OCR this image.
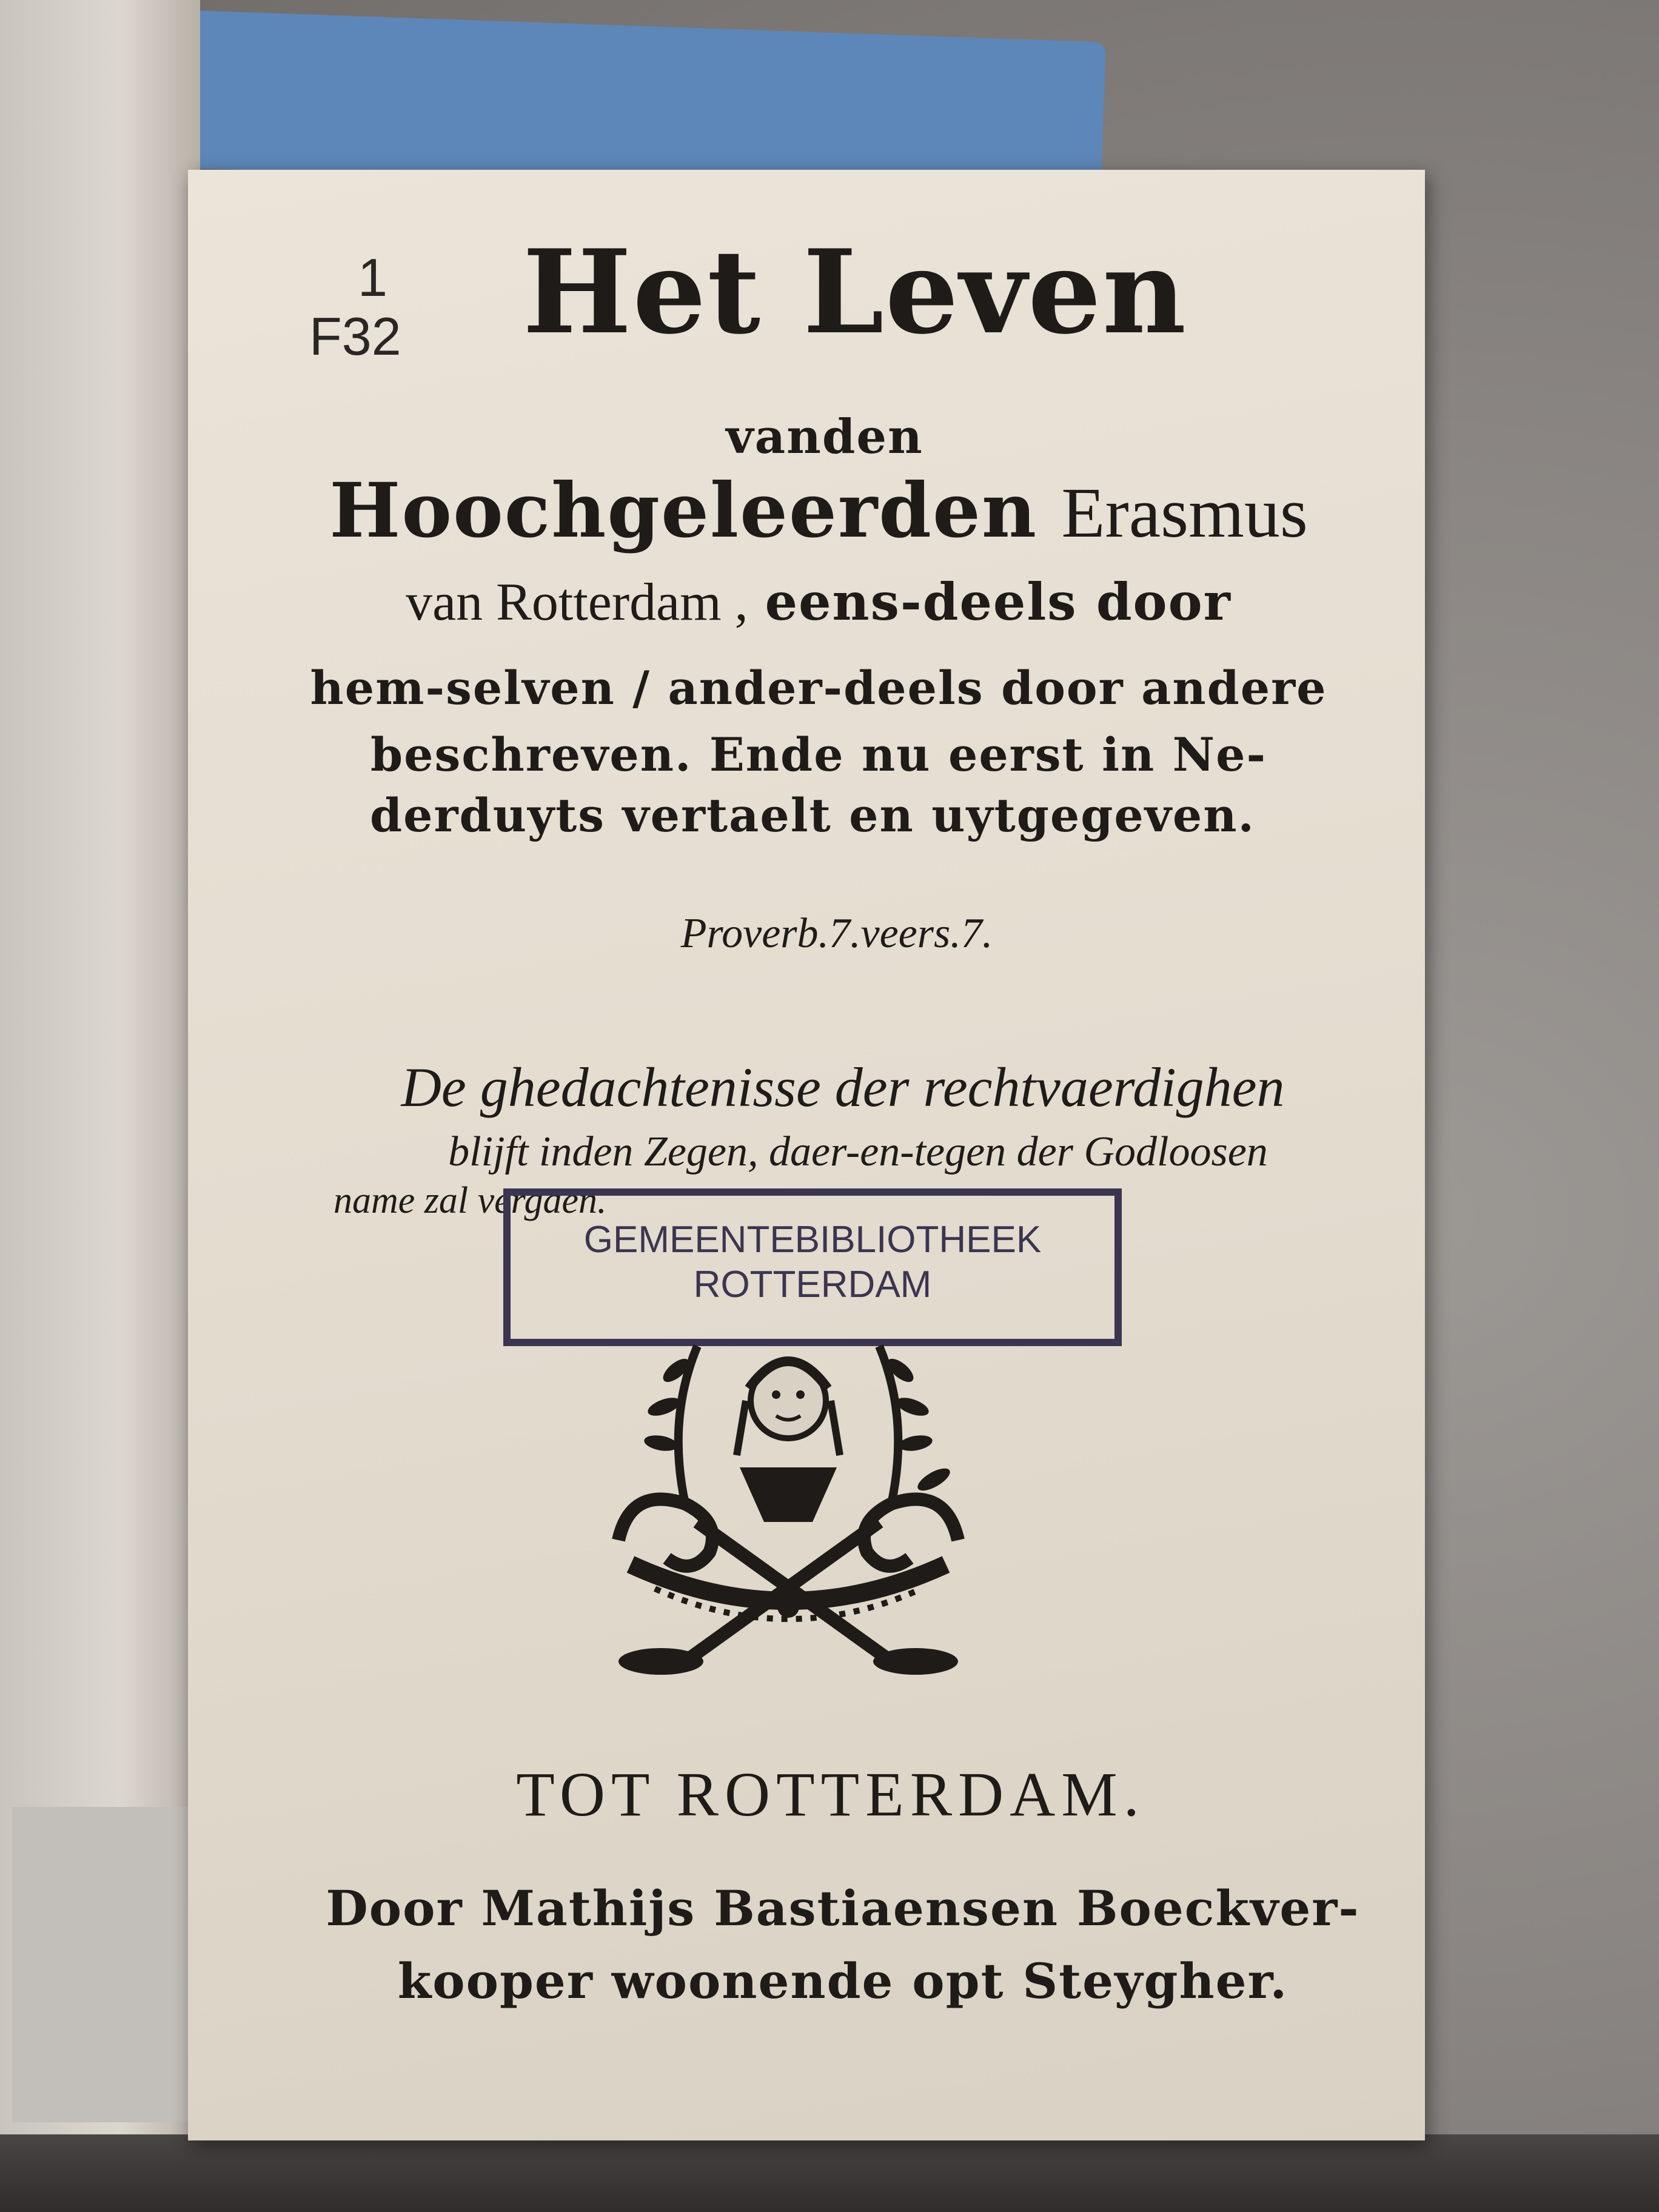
1
F32	Het Leven
vanden
Hoochgeleerden Erasmus
van Rotterdam , eens-deels door
hem-selven / ander-deels door andere
beschreven. Ende nu eerst in Ne-
derduyts vertaelt en uytgegeven.
Proverb.7.veers.7.
De ghedachtenisse der rechtvaerdighen
blijft inden Zegen, daer-en-tegen der Godloosen
name zal vergaen.
GEMEENTEBIBLIOTHEEK
ROTTERDAM
TOT ROTTERDAM.
Door Mathijs Bastiaensen Boeckver-
kooper woonende opt Steygher.
